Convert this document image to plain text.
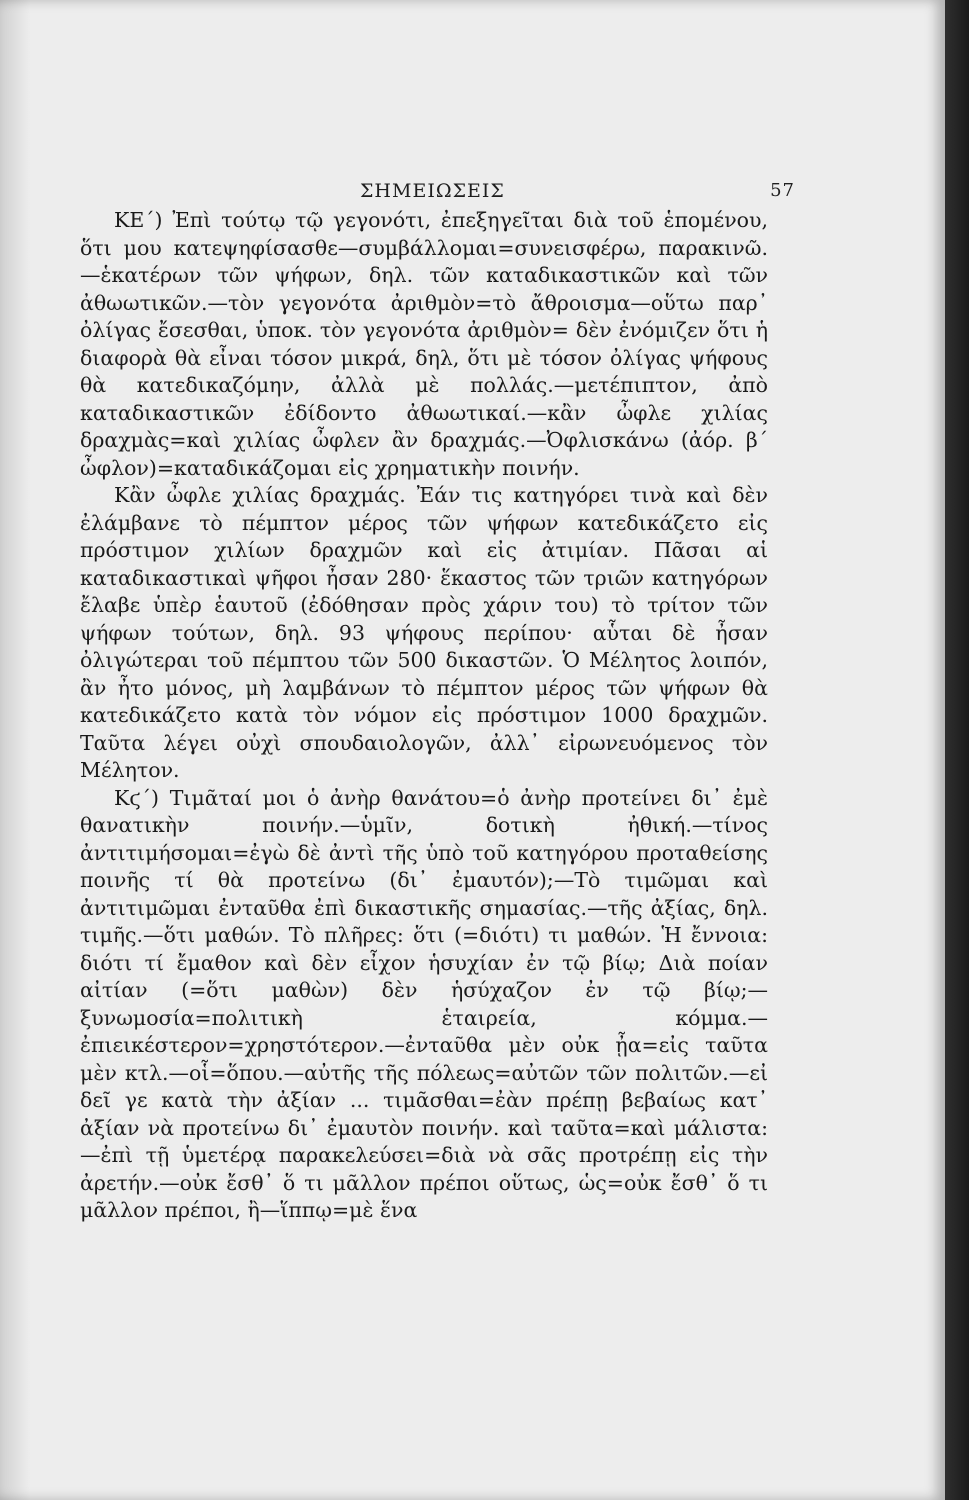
ΣΗΜΕΙΩΣΕΙΣ	57

ΚΕ΄) Ἐπὶ τούτῳ τῷ γεγονότι, ἐπεξηγεῖται διὰ τοῦ ἑπομένου, ὅτι μου κατεψηφίσασθε—συμβάλλομαι=συνεισφέρω, παρακινῶ.—ἑκατέρων τῶν ψήφων, δηλ. τῶν καταδικαστικῶν καὶ τῶν ἀθωωτικῶν.—τὸν γεγονότα ἀριθμὸν=τὸ ἄθροισμα—οὕτω παρ᾽ ὀλίγας ἔσεσθαι, ὑποκ. τὸν γεγονότα ἀριθμὸν= δὲν ἐνόμιζεν ὅτι ἡ διαφορὰ θὰ εἶναι τόσον μικρά, δηλ, ὅτι μὲ τόσον ὀλίγας ψήφους θὰ κατεδικαζόμην, ἀλλὰ μὲ πολλάς.—μετέπιπτον, ἀπὸ καταδικαστικῶν ἐδίδοντο ἀθωωτικαί.—κἂν ὦφλε χιλίας δραχμὰς=καὶ χιλίας ὦφλεν ἂν δραχμάς.—Ὀφλισκάνω (ἀόρ. β΄ ὦφλον)=καταδικάζομαι εἰς χρηματικὴν ποινήν.

Κἂν ὦφλε χιλίας δραχμάς. Ἐάν τις κατηγόρει τινὰ καὶ δὲν ἐλάμβανε τὸ πέμπτον μέρος τῶν ψήφων κατεδικάζετο εἰς πρόστιμον χιλίων δραχμῶν καὶ εἰς ἀτιμίαν. Πᾶσαι αἱ καταδικαστικαὶ ψῆφοι ἦσαν 280· ἕκαστος τῶν τριῶν κατηγόρων ἔλαβε ὑπὲρ ἑαυτοῦ (ἐδόθησαν πρὸς χάριν του) τὸ τρίτον τῶν ψήφων τούτων, δηλ. 93 ψήφους περίπου· αὗται δὲ ἦσαν ὀλιγώτεραι τοῦ πέμπτου τῶν 500 δικαστῶν. Ὁ Μέλητος λοιπόν, ἂν ἦτο μόνος, μὴ λαμβάνων τὸ πέμπτον μέρος τῶν ψήφων θὰ κατεδικάζετο κατὰ τὸν νόμον εἰς πρόστιμον 1000 δραχμῶν. Ταῦτα λέγει οὐχὶ σπουδαιολογῶν, ἀλλ᾽ εἰρωνευόμενος τὸν Μέλητον.

Κϛ΄) Τιμᾶταί μοι ὁ ἀνὴρ θανάτου=ὁ ἀνὴρ προτείνει δι᾽ ἐμὲ θανατικὴν ποινήν.—ὑμῖν, δοτικὴ ἠθική.—τίνος ἀντιτιμήσομαι=ἐγὼ δὲ ἀντὶ τῆς ὑπὸ τοῦ κατηγόρου προταθείσης ποινῆς τί θὰ προτείνω (δι᾽ ἐμαυτόν);—Τὸ τιμῶμαι καὶ ἀντιτιμῶμαι ἐνταῦθα ἐπὶ δικαστικῆς σημασίας.—τῆς ἀξίας, δηλ. τιμῆς.—ὅτι μαθών. Τὸ πλῆρες: ὅτι (=διότι) τι μαθών. Ἡ ἔννοια: διότι τί ἔμαθον καὶ δὲν εἶχον ἡσυχίαν ἐν τῷ βίῳ; Διὰ ποίαν αἰτίαν (=ὅτι μαθὼν) δὲν ἡσύχαζον ἐν τῷ βίῳ;—ξυνωμοσία=πολιτικὴ ἑταιρεία, κόμμα.—ἐπιεικέστερον=χρηστότερον.—ἐνταῦθα μὲν οὐκ ᾖα=εἰς ταῦτα μὲν κτλ.—οἷ=ὅπου.—αὐτῆς τῆς πόλεως=αὐτῶν τῶν πολιτῶν.—εἰ δεῖ γε κατὰ τὴν ἀξίαν ... τιμᾶσθαι=ἐὰν πρέπῃ βεβαίως κατ᾽ ἀξίαν νὰ προτείνω δι᾽ ἐμαυτὸν ποινήν. καὶ ταῦτα=καὶ μάλιστα:—ἐπὶ τῇ ὑμετέρᾳ παρακελεύσει=διὰ νὰ σᾶς προτρέπῃ εἰς τὴν ἀρετήν.—οὐκ ἔσθ᾽ ὅ τι μᾶλλον πρέποι οὕτως, ὡς=οὐκ ἔσθ᾽ ὅ τι μᾶλλον πρέποι, ἢ—ἵππῳ=μὲ ἕνα
